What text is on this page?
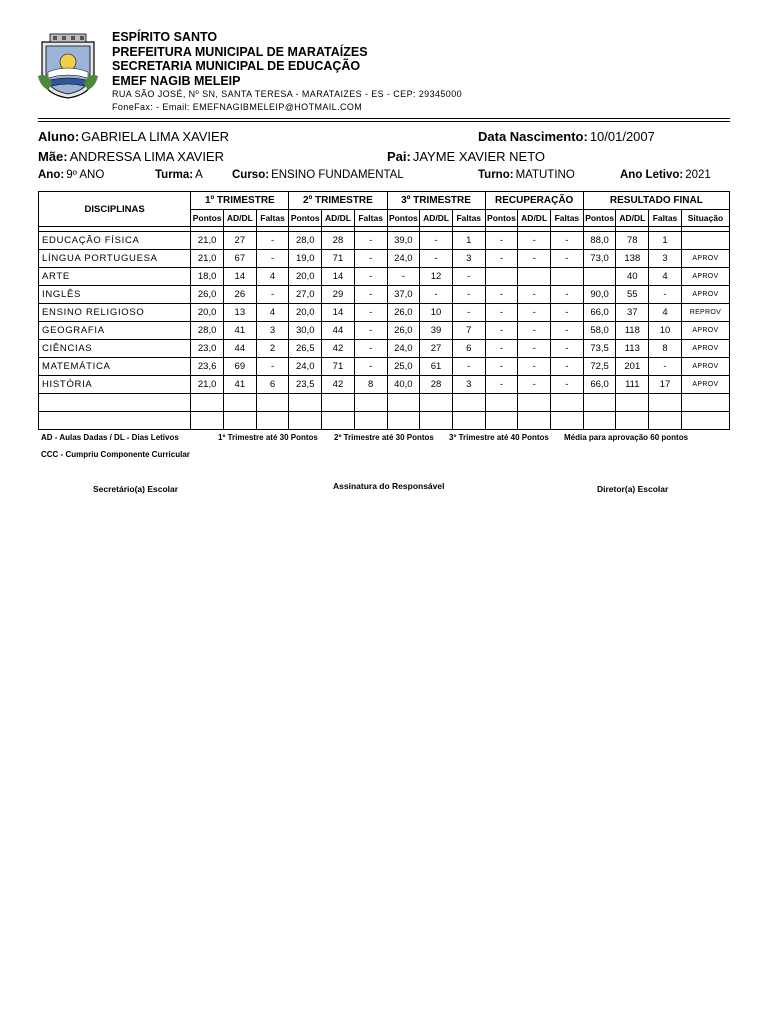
ESPÍRITO SANTO
PREFEITURA MUNICIPAL DE MARATAÍZES
SECRETARIA MUNICIPAL DE EDUCAÇÃO
EMEF NAGIB MELEIP
RUA SÃO JOSÉ, Nº SN, SANTA TERESA - MARATAIZES - ES - CEP: 29345000
FoneFax: - Email: EMEFNAGIBMELEIP@HOTMAIL.COM
Aluno: GABRIELA LIMA XAVIER	Data Nascimento: 10/01/2007
Mãe: ANDRESSA LIMA XAVIER	Pai: JAYME XAVIER NETO
Ano: 9º ANO	Turma: A	Curso: ENSINO FUNDAMENTAL	Turno: MATUTINO	Ano Letivo: 2021
DISCIPLINAS	1º TRIMESTRE			2º TRIMESTRE			3º TRIMESTRE			RECUPERAÇÃO			RESULTADO FINAL			
	Pontos	AD/DL	Faltas	Pontos	AD/DL	Faltas	Pontos	AD/DL	Faltas	Pontos	AD/DL	Faltas	Pontos	AD/DL	Faltas	Situação

EDUCAÇÃO FÍSICA	21,0	27	-	28,0	28	-	39,0	-	1	-	-	-	88,0	78	1	
LÍNGUA PORTUGUESA	21,0	67	-	19,0	71	-	24,0	-	3	-	-	-	73,0	138	3	APROV
ARTE	18,0	14	4	20,0	14	-	-	12	-					40	4	APROV
INGLÊS	26,0	26	-	27,0	29	-	37,0	-	-	-	-	-	90,0	55	-	APROV
ENSINO RELIGIOSO	20,0	13	4	20,0	14	-	26,0	10	-	-	-	-	66,0	37	4	REPROV
GEOGRAFIA	28,0	41	3	30,0	44	-	26,0	39	7	-	-	-	58,0	118	10	APROV
CIÊNCIAS	23,0	44	2	26,5	42	-	24,0	27	6	-	-	-	73,5	113	8	APROV
MATEMÁTICA	23,6	69	-	24,0	71	-	25,0	61	-	-	-	-	72,5	201	-	APROV
HISTÓRIA	21,0	41	6	23,5	42	8	40,0	28	3	-	-	-	66,0	111	17	APROV

AD - Aulas Dadas / DL - Dias Letivos	1º Trimestre até 30 Pontos 2º Trimestre até 30 Pontos 3º Trimestre até 40 Pontos Média para aprovação 60 pontos
CCC - Cumpriu Componente Curricular
Secretário(a) Escolar	Assinatura do Responsável	Diretor(a) Escolar
